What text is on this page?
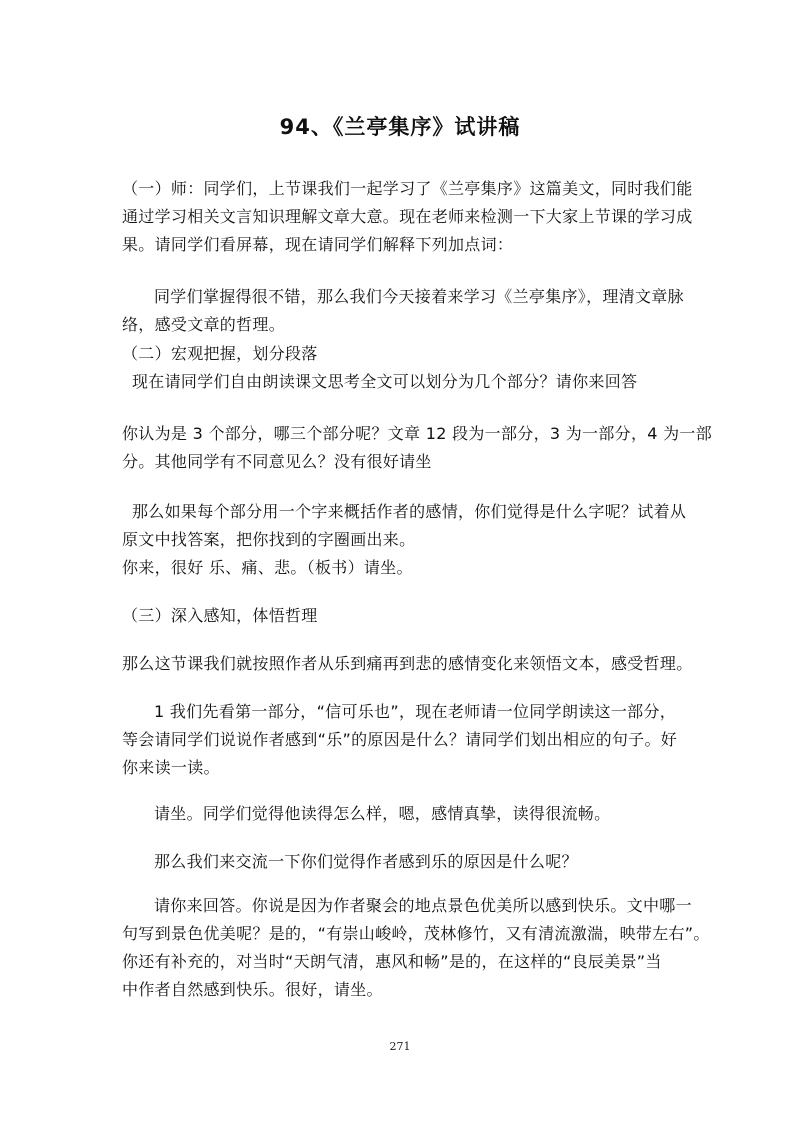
94、《兰亭集序》试讲稿
（一）师：同学们，上节课我们一起学习了《兰亭集序》这篇美文，同时我们能
通过学习相关文言知识理解文章大意。现在老师来检测一下大家上节课的学习成
果。请同学们看屏幕，现在请同学们解释下列加点词：
同学们掌握得很不错，那么我们今天接着来学习《兰亭集序》，理清文章脉
络，感受文章的哲理。
（二）宏观把握，划分段落
现在请同学们自由朗读课文思考全文可以划分为几个部分？请你来回答
你认为是 3 个部分，哪三个部分呢？文章 12 段为一部分，3 为一部分，4 为一部
分。其他同学有不同意见么？没有很好请坐
那么如果每个部分用一个字来概括作者的感情，你们觉得是什么字呢？试着从
原文中找答案，把你找到的字圈画出来。
你来，很好 乐、痛、悲。（板书）请坐。
（三）深入感知，体悟哲理
那么这节课我们就按照作者从乐到痛再到悲的感情变化来领悟文本，感受哲理。
1 我们先看第一部分，“信可乐也”，现在老师请一位同学朗读这一部分，
等会请同学们说说作者感到“乐”的原因是什么？请同学们划出相应的句子。好
你来读一读。
请坐。同学们觉得他读得怎么样，嗯，感情真挚，读得很流畅。
那么我们来交流一下你们觉得作者感到乐的原因是什么呢？
请你来回答。你说是因为作者聚会的地点景色优美所以感到快乐。文中哪一
句写到景色优美呢？是的，“有崇山峻岭，茂林修竹，又有清流激湍，映带左右”。
你还有补充的，对当时“天朗气清，惠风和畅”是的，在这样的“良辰美景”当
中作者自然感到快乐。很好，请坐。
271
